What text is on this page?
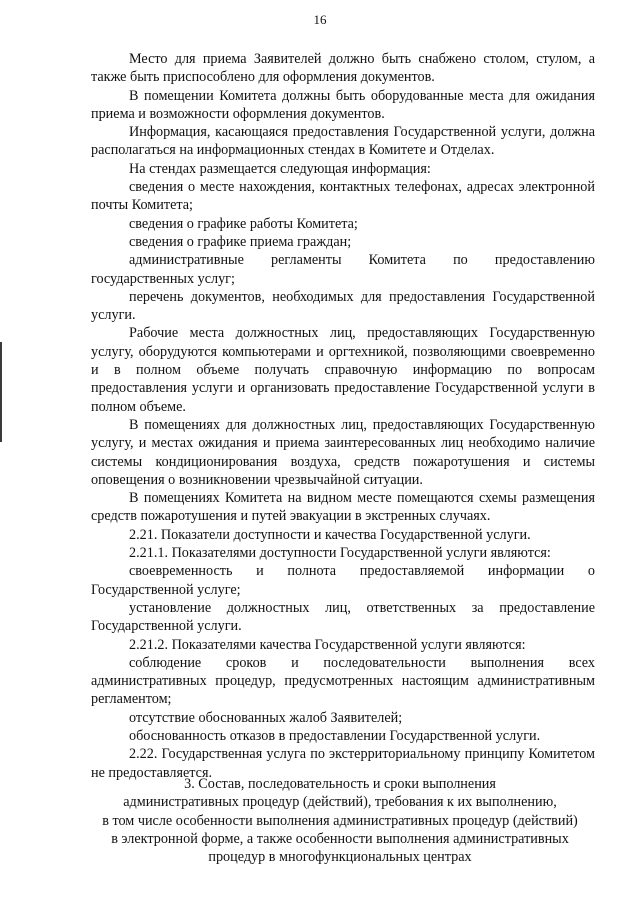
16

Место для приема Заявителей должно быть снабжено столом, стулом, а также быть приспособлено для оформления документов.

В помещении Комитета должны быть оборудованные места для ожидания приема и возможности оформления документов.

Информация, касающаяся предоставления Государственной услуги, должна располагаться на информационных стендах в Комитете и Отделах.

На стендах размещается следующая информация:

сведения о месте нахождения, контактных телефонах, адресах электронной почты Комитета;

сведения о графике работы Комитета;

сведения о графике приема граждан;

административные регламенты Комитета по предоставлению государственных услуг;

перечень документов, необходимых для предоставления Государственной услуги.

Рабочие места должностных лиц, предоставляющих Государственную услугу, оборудуются компьютерами и оргтехникой, позволяющими своевременно и в полном объеме получать справочную информацию по вопросам предоставления услуги и организовать предоставление Государственной услуги в полном объеме.

В помещениях для должностных лиц, предоставляющих Государственную услугу, и местах ожидания и приема заинтересованных лиц необходимо наличие системы кондиционирования воздуха, средств пожаротушения и системы оповещения о возникновении чрезвычайной ситуации.

В помещениях Комитета на видном месте помещаются схемы размещения средств пожаротушения и путей эвакуации в экстренных случаях.

2.21. Показатели доступности и качества Государственной услуги.

2.21.1. Показателями доступности Государственной услуги являются:

своевременность и полнота предоставляемой информации о Государственной услуге;

установление должностных лиц, ответственных за предоставление Государственной услуги.

2.21.2. Показателями качества Государственной услуги являются:

соблюдение сроков и последовательности выполнения всех административных процедур, предусмотренных настоящим административным регламентом;

отсутствие обоснованных жалоб Заявителей;

обоснованность отказов в предоставлении Государственной услуги.

2.22. Государственная услуга по экстерриториальному принципу Комитетом не предоставляется.

3. Состав, последовательность и сроки выполнения
административных процедур (действий), требования к их выполнению,
в том числе особенности выполнения административных процедур (действий)
в электронной форме, а также особенности выполнения административных
процедур в многофункциональных центрах
